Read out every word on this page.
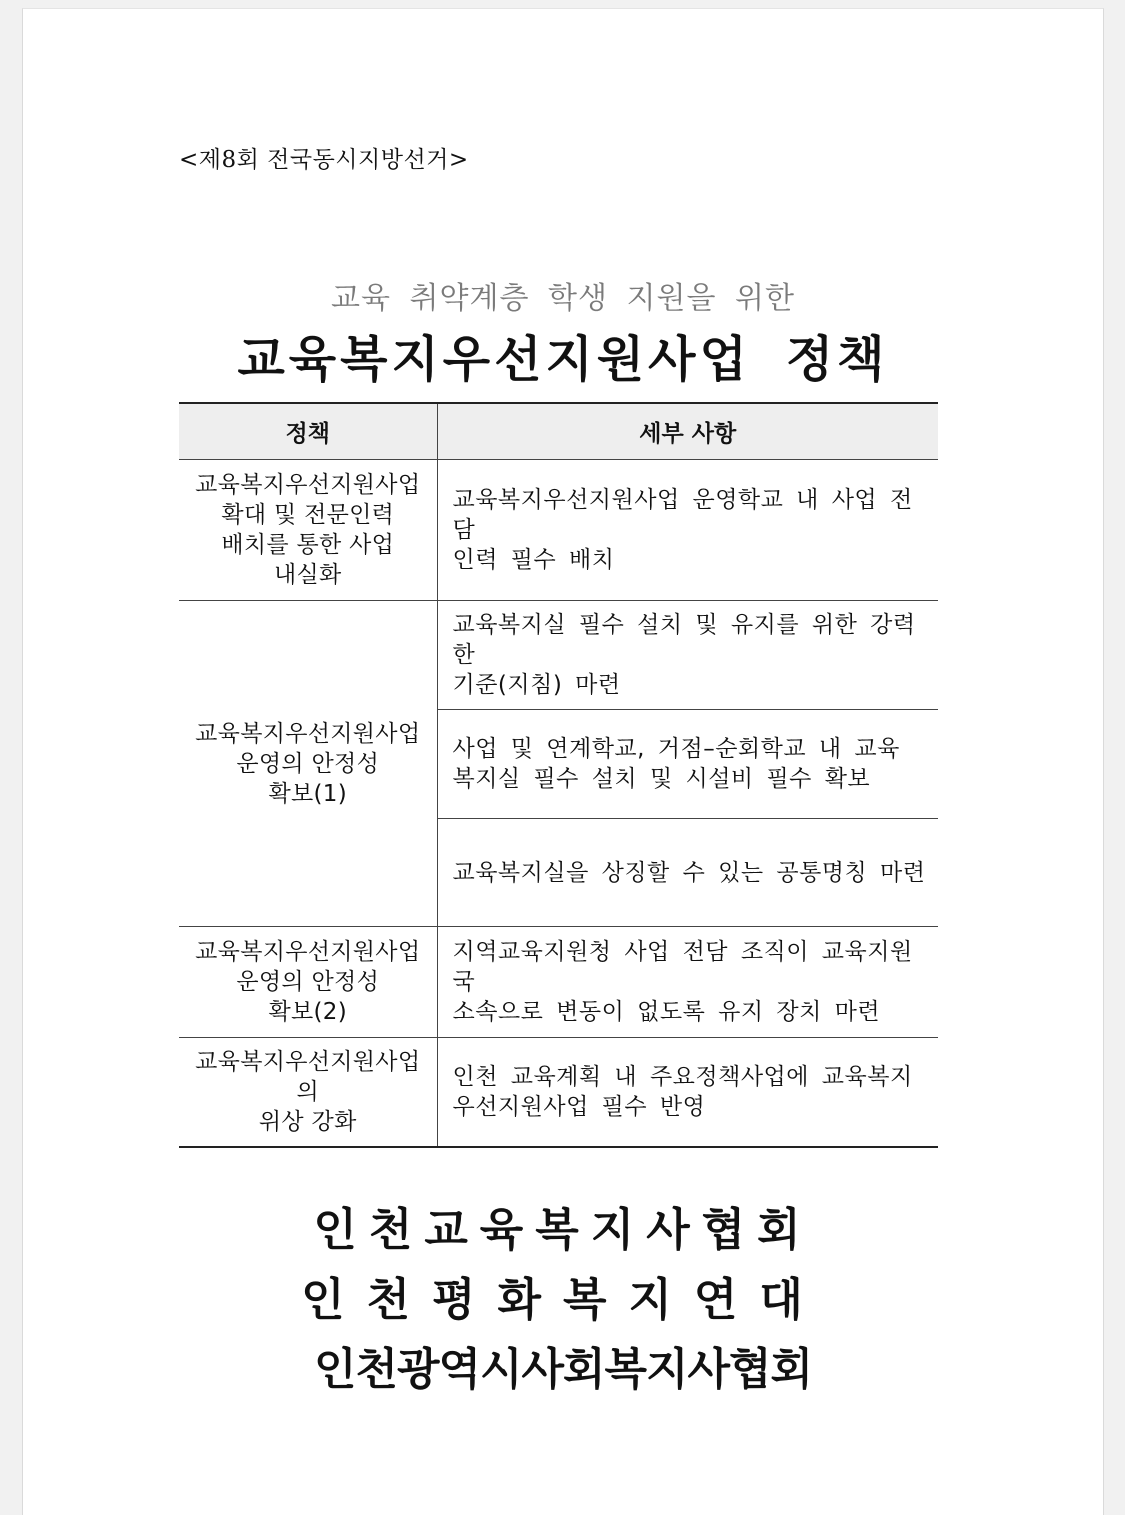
<제8회 전국동시지방선거>
교육 취약계층 학생 지원을 위한
교육복지우선지원사업 정책
정책	세부 사항
교육복지우선지원사업
확대 및 전문인력
배치를 통한 사업
내실화	교육복지우선지원사업 운영학교 내 사업 전담
인력 필수 배치
교육복지우선지원사업
운영의 안정성
확보(1)	교육복지실 필수 설치 및 유지를 위한 강력한
기준(지침) 마련
	사업 및 연계학교, 거점–순회학교 내 교육
복지실 필수 설치 및 시설비 필수 확보
	교육복지실을 상징할 수 있는 공통명칭 마련
교육복지우선지원사업
운영의 안정성
확보(2)	지역교육지원청 사업 전담 조직이 교육지원국
소속으로 변동이 없도록 유지 장치 마련
교육복지우선지원사업의
위상 강화	인천 교육계획 내 주요정책사업에 교육복지
우선지원사업 필수 반영
인천교육복지사협회
인천평화복지연대
인천광역시사회복지사협회
